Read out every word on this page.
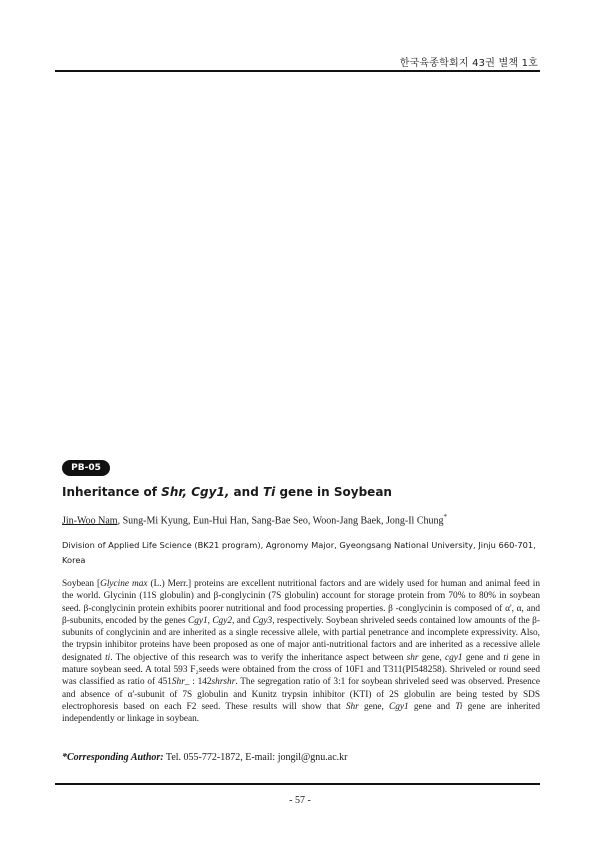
한국육종학회지 43권 별책 1호
PB-05
Inheritance of Shr, Cgy1, and Ti gene in Soybean
Jin-Woo Nam, Sung-Mi Kyung, Eun-Hui Han, Sang-Bae Seo, Woon-Jang Baek, Jong-Il Chung*
Division of Applied Life Science (BK21 program), Agronomy Major, Gyeongsang National University, Jinju 660-701, Korea

Soybean [Glycine max (L.) Merr.] proteins are excellent nutritional factors and are widely used for human and animal feed in the world. Glycinin (11S globulin) and β-conglycinin (7S globulin) account for storage protein from 70% to 80% in soybean seed. β-conglycinin protein exhibits poorer nutritional and food processing properties. β -conglycinin is composed of α', α, and β-subunits, encoded by the genes Cgy1, Cgy2, and Cgy3, respectively. Soybean shriveled seeds contained low amounts of the β-subunits of conglycinin and are inherited as a single recessive allele, with partial penetrance and incomplete expressivity. Also, the trypsin inhibitor proteins have been proposed as one of major anti-nutritional factors and are inherited as a recessive allele designated ti. The objective of this research was to verify the inheritance aspect between shr gene, cgy1 gene and ti gene in mature soybean seed. A total 593 F₂seeds were obtained from the cross of 10F1 and T311(PI548258). Shriveled or round seed was classified as ratio of 451Shr_ : 142shrshr. The segregation ratio of 3:1 for soybean shriveled seed was observed. Presence and absence of α'-subunit of 7S globulin and Kunitz trypsin inhibitor (KTI) of 2S globulin are being tested by SDS electrophoresis based on each F2 seed. These results will show that Shr gene, Cgy1 gene and Ti gene are inherited independently or linkage in soybean.

*Corresponding Author: Tel. 055-772-1872, E-mail: jongil@gnu.ac.kr
- 57 -
